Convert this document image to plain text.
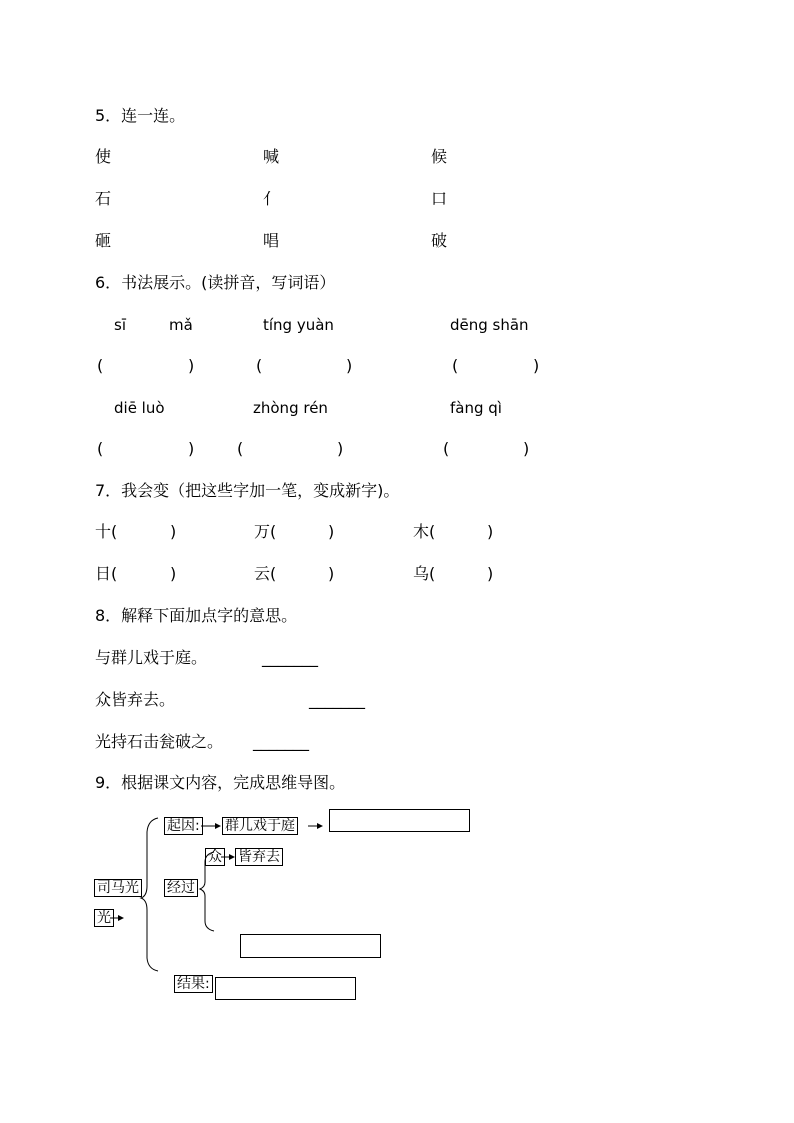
5．连一连。
使	喊	候
石	亻	口
砸	唱	破
6．书法展示。(读拼音，写词语）
sī	mǎ	tíng yuàn	dēng shān
(	)	(	)	(	)
diē luò	zhòng rén	fàng qì
(	)	(	)	(	)
7．我会变（把这些字加一笔，变成新字)。
十(	)	万(	)	木(	)
日(	)	云(	)	乌(	)
8．解释下面加点字的意思。
与群儿戏于庭。	_______
众皆弃去。	_______
光持石击瓮破之。 _______
9．根据课文内容，完成思维导图。
司马光
光
起因: 群儿戏于庭
经过
众 皆弃去
结果:
